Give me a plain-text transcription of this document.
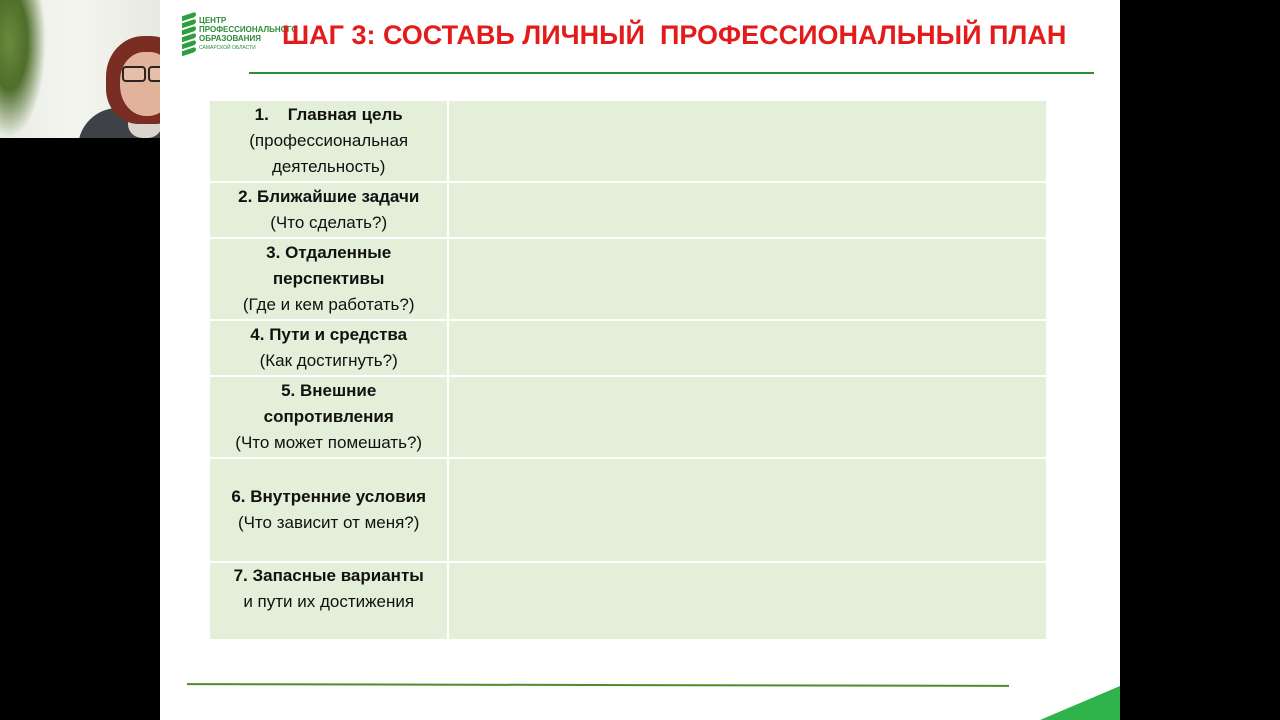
ЦЕНТР
ПРОФЕССИОНАЛЬНОГО
ОБРАЗОВАНИЯ
САМАРСКОЙ ОБЛАСТИ ШАГ 3: СОСТАВЬ ЛИЧНЫЙ  ПРОФЕССИОНАЛЬНЫЙ ПЛАН
1.    Главная цель
(профессиональная деятельность)	

2. Ближайшие задачи
(Что сделать?)	

3. Отдаленные перспективы
(Где и кем работать?)	

4. Пути и средства
(Как достигнуть?)	

5. Внешние сопротивления
(Что может помешать?)	

6. Внутренние условия
(Что зависит от меня?)	

7. Запасные варианты
и пути их достижения	
